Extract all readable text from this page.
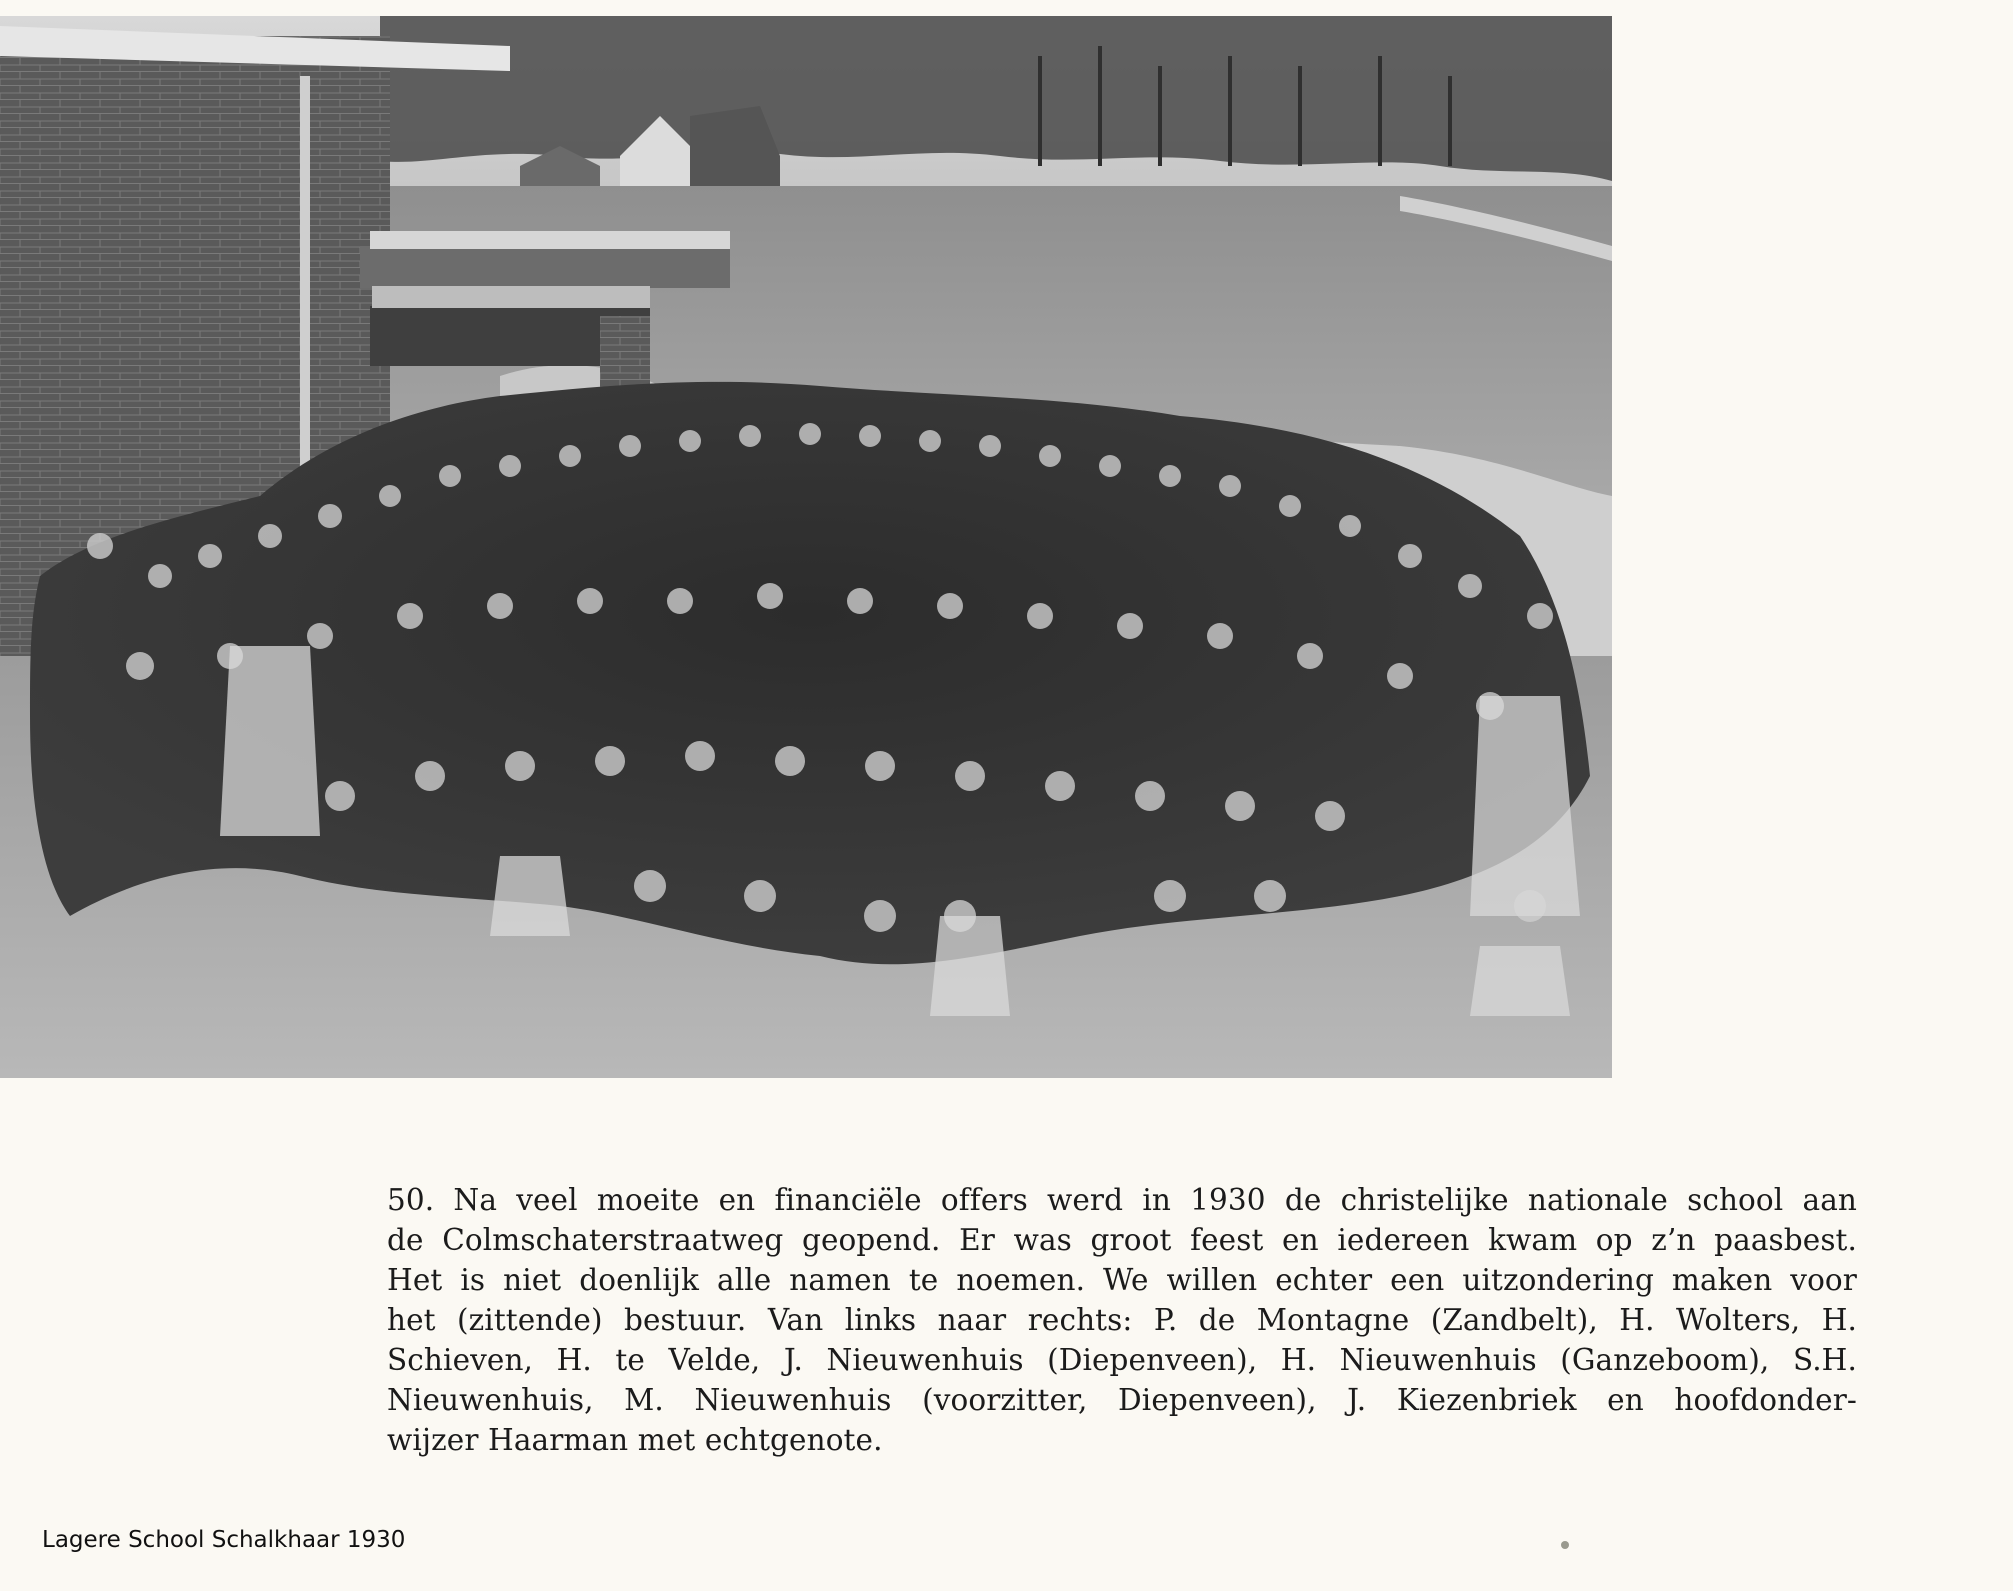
50. Na veel moeite en financiële offers werd in 1930 de christelijke nationale school aan
de Colmschaterstraatweg geopend. Er was groot feest en iedereen kwam op z’n paasbest.
Het is niet doenlijk alle namen te noemen. We willen echter een uitzondering maken voor
het (zittende) bestuur. Van links naar rechts: P. de Montagne (Zandbelt), H. Wolters, H.
Schieven, H. te Velde, J. Nieuwenhuis (Diepenveen), H. Nieuwenhuis (Ganzeboom), S.H.
Nieuwenhuis, M. Nieuwenhuis (voorzitter, Diepenveen), J. Kiezenbriek en hoofdonder-
wijzer Haarman met echtgenote.
Lagere School Schalkhaar 1930
